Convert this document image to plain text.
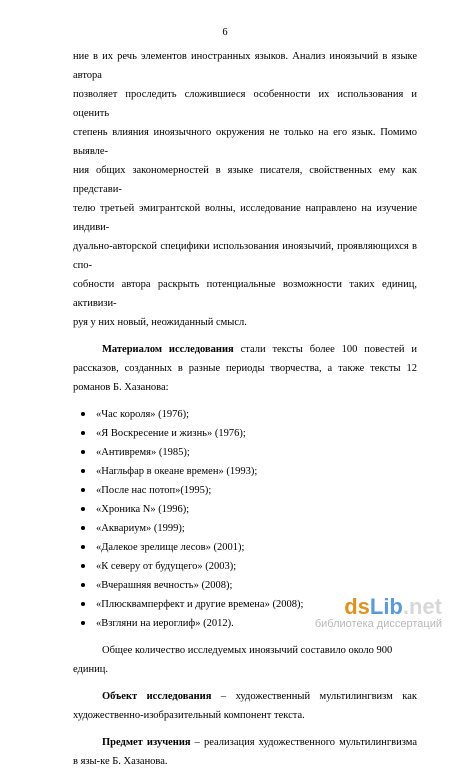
6

ние в их речь элементов иностранных языков. Анализ иноязычий в языке автора

позволяет проследить сложившиеся особенности их использования и оценить

степень влияния иноязычного окружения не только на его язык. Помимо выявле-

ния общих закономерностей в языке писателя, свойственных ему как представи-

телю третьей эмигрантской волны, исследование направлено на изучение индиви-

дуально-авторской специфики использования иноязычий, проявляющихся в спо-

собности автора раскрыть потенциальные возможности таких единиц, активизи-

руя у них новый, неожиданный смысл.

Материалом исследования стали тексты более 100 повестей и рассказов, созданных в разные периоды творчества, а также тексты 12 романов Б. Хазанова:

«Час короля» (1976);
«Я Воскресение и жизнь» (1976);
«Антивремя» (1985);
«Нагльфар в океане времен» (1993);
«После нас потоп»(1995);
«Хроника N» (1996);
«Аквариум» (1999);
«Далекое зрелище лесов» (2001);
«К северу от будущего» (2003);
«Вчерашняя вечность» (2008);
«Плюсквамперфект и другие времена» (2008);
«Взгляни на иероглиф» (2012).

Общее количество исследуемых иноязычий составило около 900 единиц.

Объект исследования – художественный мультилингвизм как

художественно-изобразительный компонент текста.

Предмет изучения – реализация художественного мультилингвизма в язы-ке Б. Хазанова.

dsLib.net
библиотека диссертаций
